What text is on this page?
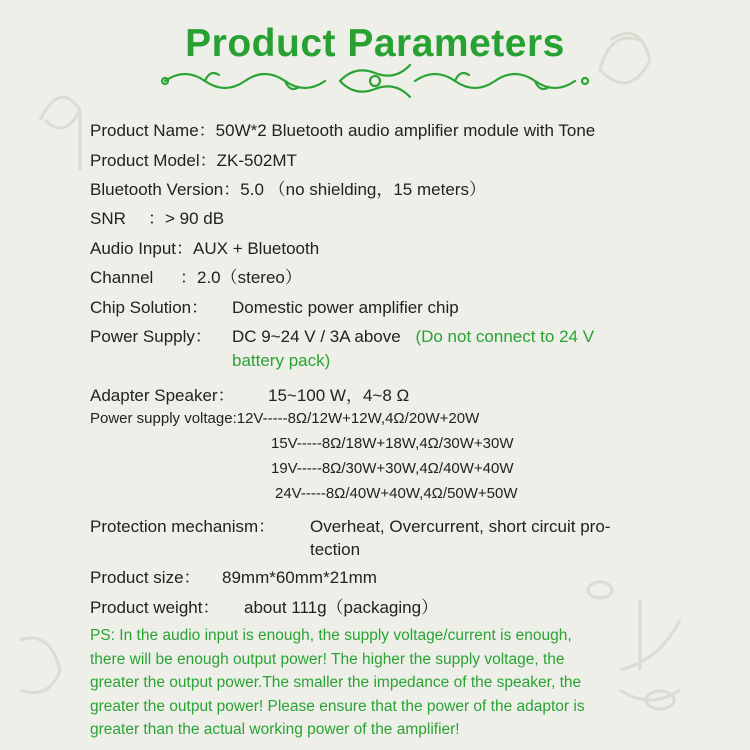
Product Parameters
Product Name：50W*2 Bluetooth audio amplifier module with Tone
Product Model：ZK-502MT
Bluetooth Version：5.0 （no shielding，15 meters）
SNR ：> 90 dB
Audio Input：AUX + Bluetooth
Channel ：2.0（stereo）
Chip Solution： Domestic power amplifier chip
Power Supply： DC 9~24 V / 3A above (Do not connect to 24 V
battery pack)
Adapter Speaker： 15~100 W，4~8 Ω
Power supply voltage:12V-----8Ω/12W+12W,4Ω/20W+20W
15V-----8Ω/18W+18W,4Ω/30W+30W
19V-----8Ω/30W+30W,4Ω/40W+40W
24V-----8Ω/40W+40W,4Ω/50W+50W
Protection mechanism： Overheat, Overcurrent, short circuit pro-
tection
Product size： 89mm*60mm*21mm
Product weight： about 111g（packaging）
PS: In the audio input is enough, the supply voltage/current is enough,
there will be enough output power! The higher the supply voltage, the
greater the output power.The smaller the impedance of the speaker, the
greater the output power! Please ensure that the power of the adaptor is
greater than the actual working power of the amplifier!
